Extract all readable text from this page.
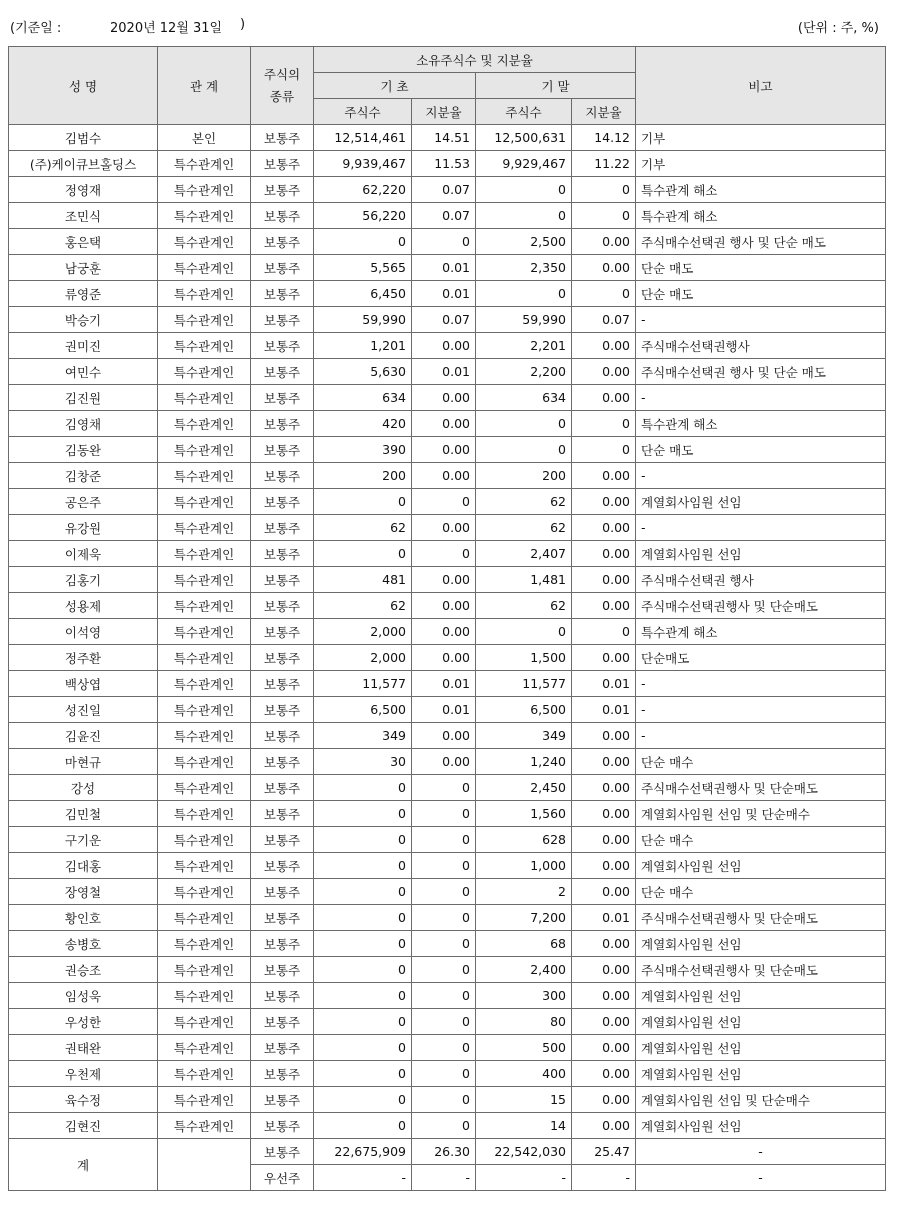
(기준일 :	2020년 12월 31일 )	(단위 : 주, %)
성 명	관 계	주식의 종류	소유주식수 및 지분율				비고
			기 초		기 말		
			주식수	지분율	주식수	지분율	
김범수	본인	보통주	12,514,461	14.51	12,500,631	14.12	기부
(주)케이큐브홀딩스	특수관계인	보통주	9,939,467	11.53	9,929,467	11.22	기부
정영재	특수관계인	보통주	62,220	0.07	0	0	특수관계 해소
조민식	특수관계인	보통주	56,220	0.07	0	0	특수관계 해소
홍은택	특수관계인	보통주	0	0	2,500	0.00	주식매수선택권 행사 및 단순 매도
남궁훈	특수관계인	보통주	5,565	0.01	2,350	0.00	단순 매도
류영준	특수관계인	보통주	6,450	0.01	0	0	단순 매도
박승기	특수관계인	보통주	59,990	0.07	59,990	0.07	-
권미진	특수관계인	보통주	1,201	0.00	2,201	0.00	주식매수선택권행사
여민수	특수관계인	보통주	5,630	0.01	2,200	0.00	주식매수선택권 행사 및 단순 매도
김진원	특수관계인	보통주	634	0.00	634	0.00	-
김영채	특수관계인	보통주	420	0.00	0	0	특수관계 해소
김동완	특수관계인	보통주	390	0.00	0	0	단순 매도
김창준	특수관계인	보통주	200	0.00	200	0.00	-
공은주	특수관계인	보통주	0	0	62	0.00	계열회사임원 선임
유강원	특수관계인	보통주	62	0.00	62	0.00	-
이제욱	특수관계인	보통주	0	0	2,407	0.00	계열회사임원 선임
김홍기	특수관계인	보통주	481	0.00	1,481	0.00	주식매수선택권 행사
성용제	특수관계인	보통주	62	0.00	62	0.00	주식매수선택권행사 및 단순매도
이석영	특수관계인	보통주	2,000	0.00	0	0	특수관계 해소
정주환	특수관계인	보통주	2,000	0.00	1,500	0.00	단순매도
백상엽	특수관계인	보통주	11,577	0.01	11,577	0.01	-
성진일	특수관계인	보통주	6,500	0.01	6,500	0.01	-
김윤진	특수관계인	보통주	349	0.00	349	0.00	-
마현규	특수관계인	보통주	30	0.00	1,240	0.00	단순 매수
강성	특수관계인	보통주	0	0	2,450	0.00	주식매수선택권행사 및 단순매도
김민철	특수관계인	보통주	0	0	1,560	0.00	계열회사임원 선임 및 단순매수
구기운	특수관계인	보통주	0	0	628	0.00	단순 매수
김대홍	특수관계인	보통주	0	0	1,000	0.00	계열회사임원 선임
장영철	특수관계인	보통주	0	0	2	0.00	단순 매수
황인호	특수관계인	보통주	0	0	7,200	0.01	주식매수선택권행사 및 단순매도
송병호	특수관계인	보통주	0	0	68	0.00	계열회사임원 선임
권승조	특수관계인	보통주	0	0	2,400	0.00	주식매수선택권행사 및 단순매도
임성욱	특수관계인	보통주	0	0	300	0.00	계열회사임원 선임
우성한	특수관계인	보통주	0	0	80	0.00	계열회사임원 선임
권태완	특수관계인	보통주	0	0	500	0.00	계열회사임원 선임
우천제	특수관계인	보통주	0	0	400	0.00	계열회사임원 선임
육수정	특수관계인	보통주	0	0	15	0.00	계열회사임원 선임 및 단순매수
김현진	특수관계인	보통주	0	0	14	0.00	계열회사임원 선임
계		보통주	22,675,909	26.30	22,542,030	25.47	-
		우선주	-	-	-	-	-
